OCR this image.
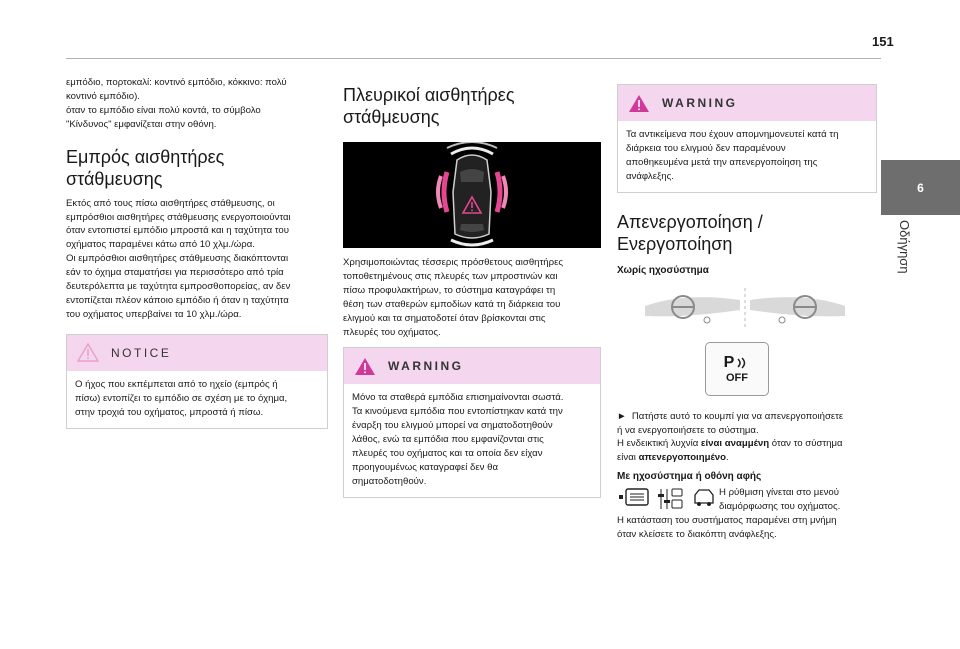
151
6
Οδήγηση

εμπόδιο, πορτοκαλί: κοντινό εμπόδιο, κόκκινο: πολύ

κοντινό εμπόδιο).

όταν το εμπόδιο είναι πολύ κοντά, το σύμβολο

"Κίνδυνος" εμφανίζεται στην οθόνη.

Εμπρός αισθητήρες
στάθμευσης

Εκτός από τους πίσω αισθητήρες στάθμευσης, οι

εμπρόσθιοι αισθητήρες στάθμευσης ενεργοποιούνται

όταν εντοπιστεί εμπόδιο μπροστά και η ταχύτητα του

οχήματος παραμένει κάτω από 10 χλμ./ώρα.

Οι εμπρόσθιοι αισθητήρες στάθμευσης διακόπτονται

εάν το όχημα σταματήσει για περισσότερο από τρία

δευτερόλεπτα με ταχύτητα εμπροσθοπορείας, αν δεν

εντοπίζεται πλέον κάποιο εμπόδιο ή όταν η ταχύτητα

του οχήματος υπερβαίνει τα 10 χλμ./ώρα.

NOTICE

Ο ήχος που εκπέμπεται από το ηχείο (εμπρός ή

πίσω) εντοπίζει το εμπόδιο σε σχέση με το όχημα,

στην τροχιά του οχήματος, μπροστά ή πίσω.

Πλευρικοί αισθητήρες
στάθμευσης

Χρησιμοποιώντας τέσσερις πρόσθετους αισθητήρες

τοποθετημένους στις πλευρές των μπροστινών και

πίσω προφυλακτήρων, το σύστημα καταγράφει τη

θέση των σταθερών εμποδίων κατά τη διάρκεια του

ελιγμού και τα σηματοδοτεί όταν βρίσκονται στις

πλευρές του οχήματος.

WARNING

Μόνο τα σταθερά εμπόδια επισημαίνονται σωστά.

Τα κινούμενα εμπόδια που εντοπίστηκαν κατά την

έναρξη του ελιγμού μπορεί να σηματοδοτηθούν

λάθος, ενώ τα εμπόδια που εμφανίζονται στις

πλευρές του οχήματος και τα οποία δεν είχαν

προηγουμένως καταγραφεί δεν θα

σηματοδοτηθούν.

WARNING

Τα αντικείμενα που έχουν απομνημονευτεί κατά τη

διάρκεια του ελιγμού δεν παραμένουν

αποθηκευμένα μετά την απενεργοποίηση της

ανάφλεξης.

Απενεργοποίηση /
Ενεργοποίηση
Χωρίς ηχοσύστημα
P
OFF

► Πατήστε αυτό το κουμπί για να απενεργοποιήσετε

ή να ενεργοποιήσετε το σύστημα.

Η ενδεικτική λυχνία είναι αναμμένη όταν το σύστημα

είναι απενεργοποιημένο.

Με ηχοσύστημα ή οθόνη αφής

Η ρύθμιση γίνεται στο μενού

διαμόρφωσης του οχήματος.

Η κατάσταση του συστήματος παραμένει στη μνήμη

όταν κλείσετε το διακόπτη ανάφλεξης.
